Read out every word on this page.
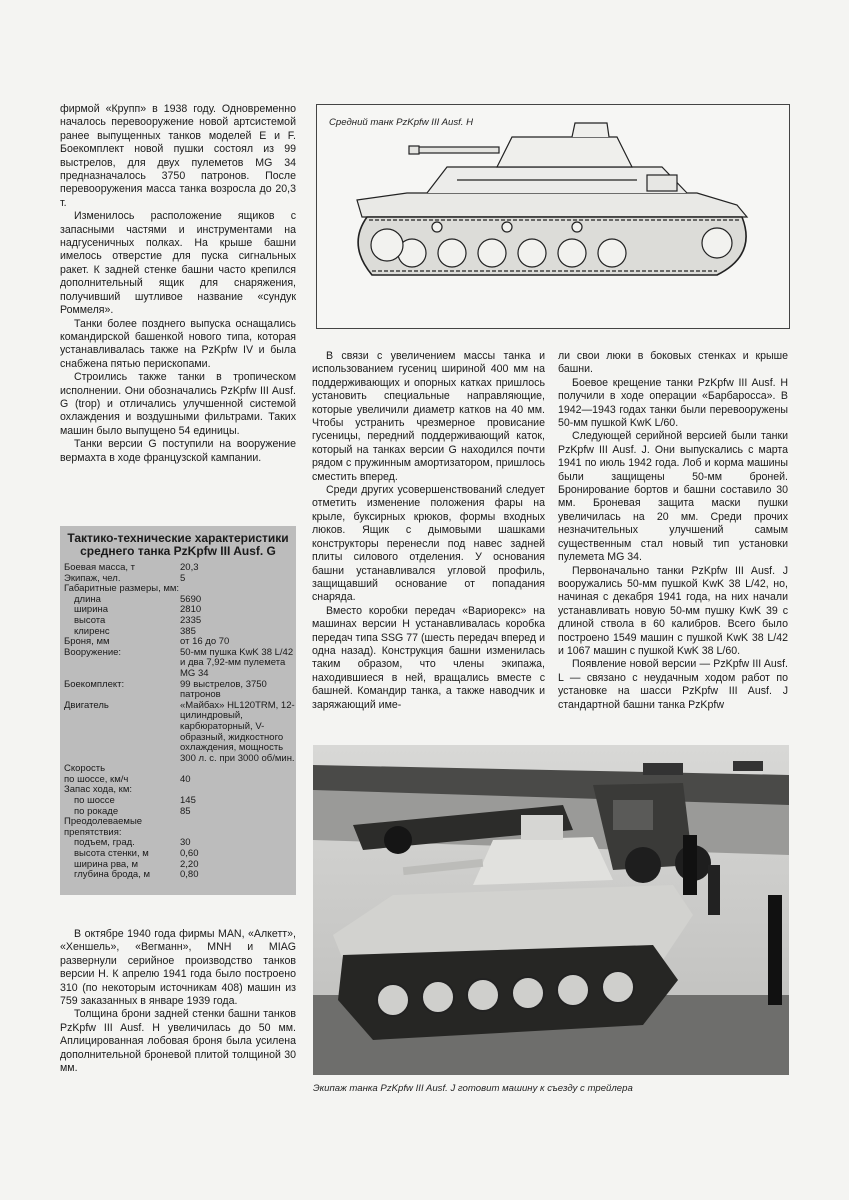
фирмой «Крупп» в 1938 году. Одновременно началось перевооружение новой артсистемой ранее выпущенных танков моделей E и F. Боекомплект новой пушки состоял из 99 выстрелов, для двух пулеметов MG 34 предназначалось 3750 патронов. После перевооружения масса танка возросла до 20,3 т.

Изменилось расположение ящиков с запасными частями и инструментами на надгусеничных полках. На крыше башни имелось отверстие для пуска сигнальных ракет. К задней стенке башни часто крепился дополнительный ящик для снаряжения, получивший шутливое название «сундук Роммеля».

Танки более позднего выпуска оснащались командирской башенкой нового типа, которая устанавливалась также на PzKpfw IV и была снабжена пятью перископами.

Строились также танки в тропическом исполнении. Они обозначались PzKpfw III Ausf. G (trop) и отличались улучшенной системой охлаждения и воздушными фильтрами. Таких машин было выпущено 54 единицы.

Танки версии G поступили на вооружение вермахта в ходе французской кампании.

Средний танк PzKpfw III Ausf. H
Тактико-технические характеристики среднего танка PzKpfw III Ausf. G
Боевая масса, т	20,3
Экипаж, чел.	5
Габаритные размеры, мм:	
длина	5690
ширина	2810
высота	2335
клиренс	385
Броня, мм	от 16 до 70
Вооружение:	50-мм пушка KwK 38 L/42 и два 7,92-мм пулемета MG 34
Боекомплект:	99 выстрелов, 3750 патронов
Двигатель	«Майбах» HL120TRM, 12-цилиндровый, карбюраторный, V-образный, жидкостного охлаждения, мощность 300 л. с. при 3000 об/мин.
Скорость	
по шоссе, км/ч	40
Запас хода, км:	
по шоссе	145
по рокаде	85
Преодолеваемые препятствия:	
подъем, град.	30
высота стенки, м	0,60
ширина рва, м	2,20
глубина брода, м	0,80

В октябре 1940 года фирмы MAN, «Алкетт», «Хеншель», «Вегманн», MNH и MIAG развернули серийное производство танков версии H. К апрелю 1941 года было построено 310 (по некоторым источникам 408) машин из 759 заказанных в январе 1939 года.

Толщина брони задней стенки башни танков PzKpfw III Ausf. H увеличилась до 50 мм. Аплицированная лобовая броня была усилена дополнительной броневой плитой толщиной 30 мм.

В связи с увеличением массы танка и использованием гусениц шириной 400 мм на поддерживающих и опорных катках пришлось установить специальные направляющие, которые увеличили диаметр катков на 40 мм. Чтобы устранить чрезмерное провисание гусеницы, передний поддерживающий каток, который на танках версии G находился почти рядом с пружинным амортизатором, пришлось сместить вперед.

Среди других усовершенствований следует отметить изменение положения фары на крыле, буксирных крюков, формы входных люков. Ящик с дымовыми шашками конструкторы перенесли под навес задней плиты силового отделения. У основания башни устанавливался угловой профиль, защищавший основание от попадания снаряда.

Вместо коробки передач «Вариорекс» на машинах версии H устанавливалась коробка передач типа SSG 77 (шесть передач вперед и одна назад). Конструкция башни изменилась таким образом, что члены экипажа, находившиеся в ней, вращались вместе с башней. Командир танка, а также наводчик и заряжающий име-

ли свои люки в боковых стенках и крыше башни.

Боевое крещение танки PzKpfw III Ausf. H получили в ходе операции «Барбаросса». В 1942—1943 годах танки были перевооружены 50-мм пушкой KwK L/60.

Следующей серийной версией были танки PzKpfw III Ausf. J. Они выпускались с марта 1941 по июль 1942 года. Лоб и корма машины были защищены 50-мм броней. Бронирование бортов и башни составило 30 мм. Броневая защита маски пушки увеличилась на 20 мм. Среди прочих незначительных улучшений самым существенным стал новый тип установки пулемета MG 34.

Первоначально танки PzKpfw III Ausf. J вооружались 50-мм пушкой KwK 38 L/42, но, начиная с декабря 1941 года, на них начали устанавливать новую 50-мм пушку KwK 39 с длиной ствола в 60 калибров. Всего было построено 1549 машин с пушкой KwK 38 L/42 и 1067 машин с пушкой KwK 38 L/60.

Появление новой версии — PzKpfw III Ausf. L — связано с неудачным ходом работ по установке на шасси PzKpfw III Ausf. J стандартной башни танка PzKpfw

Экипаж танка PzKpfw III Ausf. J готовит машину к съезду с трейлера
